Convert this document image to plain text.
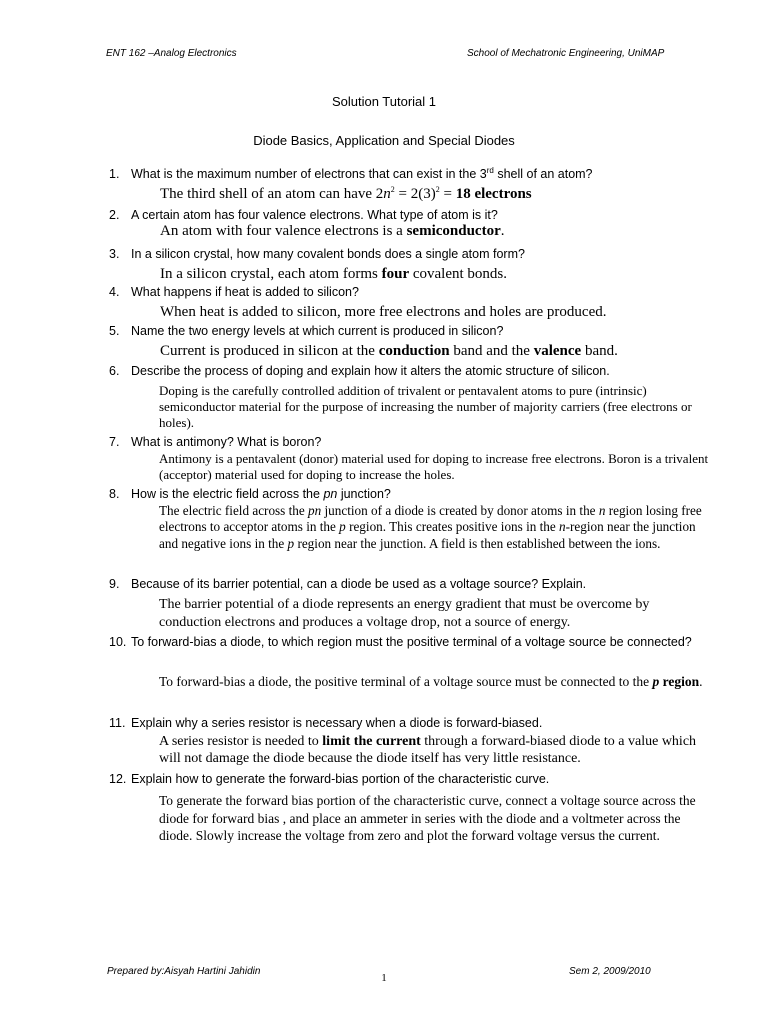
ENT 162 –Analog Electronics	School of Mechatronic Engineering, UniMAP
Solution Tutorial 1
Diode Basics, Application and Special Diodes
1. What is the maximum number of electrons that can exist in the 3rd shell of an atom?
The third shell of an atom can have $2n^2 = 2(3)^2 = 18$ electrons
2. A certain atom has four valence electrons. What type of atom is it?
An atom with four valence electrons is a semiconductor.
3. In a silicon crystal, how many covalent bonds does a single atom form?
In a silicon crystal, each atom forms four covalent bonds.
4. What happens if heat is added to silicon?
When heat is added to silicon, more free electrons and holes are produced.
5. Name the two energy levels at which current is produced in silicon?
Current is produced in silicon at the conduction band and the valence band.
6. Describe the process of doping and explain how it alters the atomic structure of silicon.
Doping is the carefully controlled addition of trivalent or pentavalent atoms to pure (intrinsic) semiconductor material for the purpose of increasing the number of majority carriers (free electrons or holes).
7. What is antimony? What is boron?
Antimony is a pentavalent (donor) material used for doping to increase free electrons. Boron is a trivalent (acceptor) material used for doping to increase the holes.
8. How is the electric field across the pn junction?
The electric field across the pn junction of a diode is created by donor atoms in the n region losing free electrons to acceptor atoms in the p region. This creates positive ions in the n-region near the junction and negative ions in the p region near the junction. A field is then established between the ions.
9. Because of its barrier potential, can a diode be used as a voltage source? Explain.
The barrier potential of a diode represents an energy gradient that must be overcome by conduction electrons and produces a voltage drop, not a source of energy.
10. To forward-bias a diode, to which region must the positive terminal of a voltage source be connected?
To forward-bias a diode, the positive terminal of a voltage source must be connected to the p region.
11. Explain why a series resistor is necessary when a diode is forward-biased.
A series resistor is needed to limit the current through a forward-biased diode to a value which will not damage the diode because the diode itself has very little resistance.
12. Explain how to generate the forward-bias portion of the characteristic curve.
To generate the forward bias portion of the characteristic curve, connect a voltage source across the diode for forward bias , and place an ammeter in series with the diode and a voltmeter across the diode. Slowly increase the voltage from zero and plot the forward voltage versus the current.
Prepared by:Aisyah Hartini Jahidin
1
Sem 2, 2009/2010
